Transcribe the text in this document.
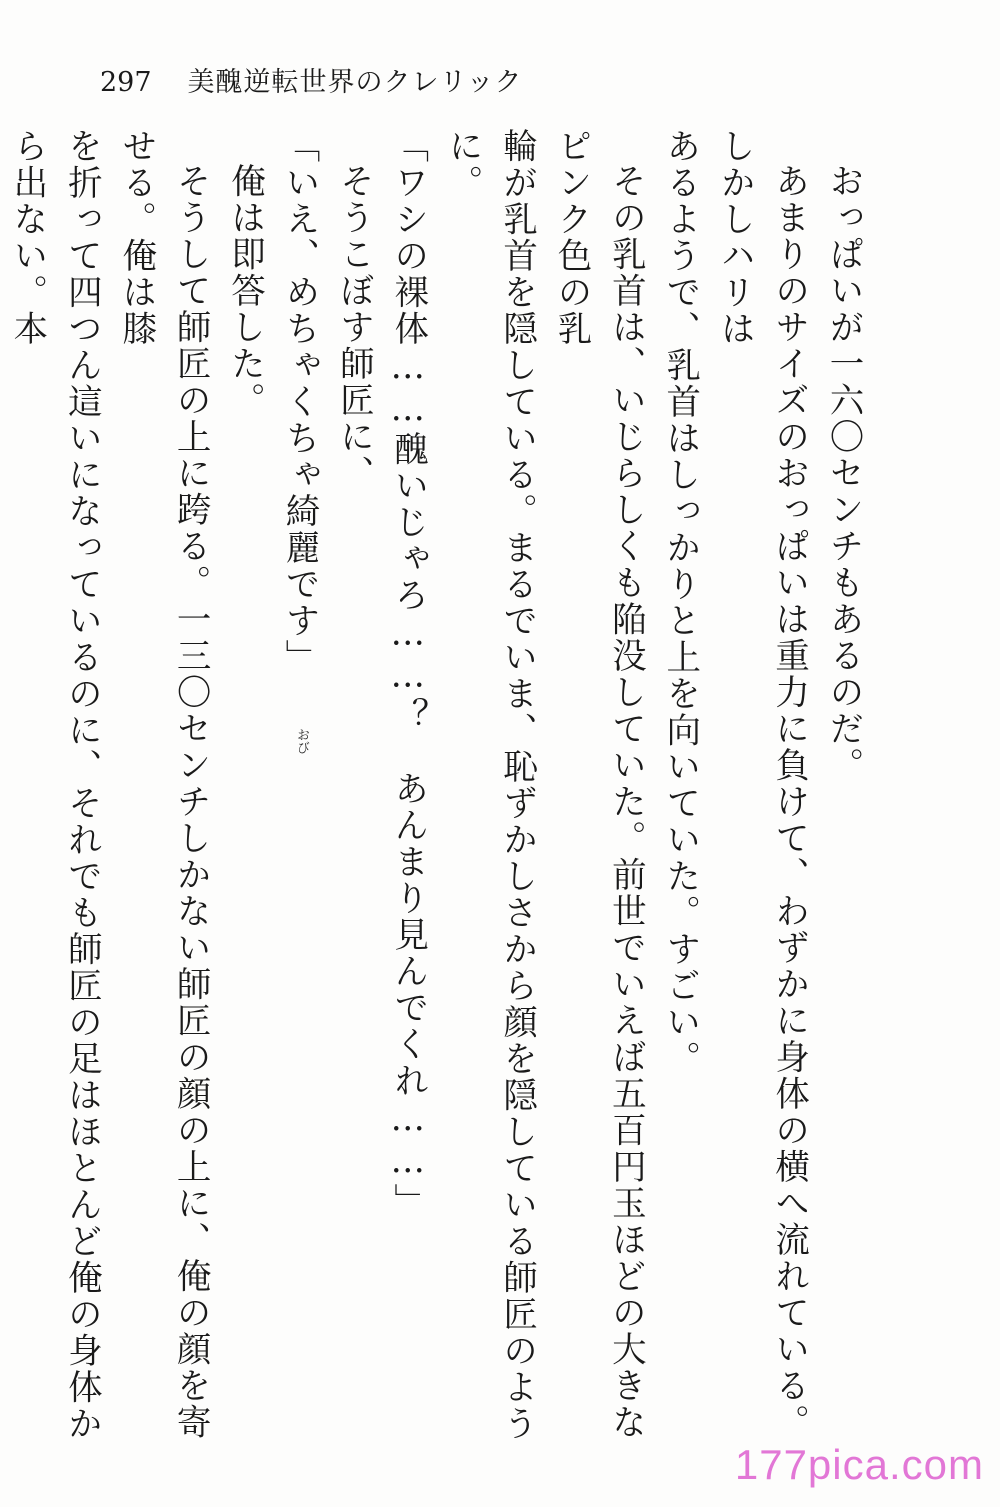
297 美醜逆転世界のクレリック

おっぱいが一六〇センチもあるのだ。

あまりのサイズのおっぱいは重力に負けて、わずかに身体の横へ流れている。しかしハリは

あるようで、乳首はしっかりと上を向いていた。すごい。

その乳首は、いじらしくも陥没していた。前世でいえば五百円玉ほどの大きなピンク色の乳

輪が乳首を隠している。まるでいま、恥ずかしさから顔を隠している師匠のように。

「ワシの裸体……醜いじゃろ……？　あんまり見んでくれ……」

そうこぼす師匠に、

「いえ、めちゃくちゃ綺麗です」

俺は即答した。

そうして師匠の上に跨る。一三〇センチしかない師匠の顔の上に、俺の顔を寄せる。俺は膝

を折って四つん這いになっているのに、それでも師匠の足はほとんど俺の身体から出ない。本

おび
177pica.com
